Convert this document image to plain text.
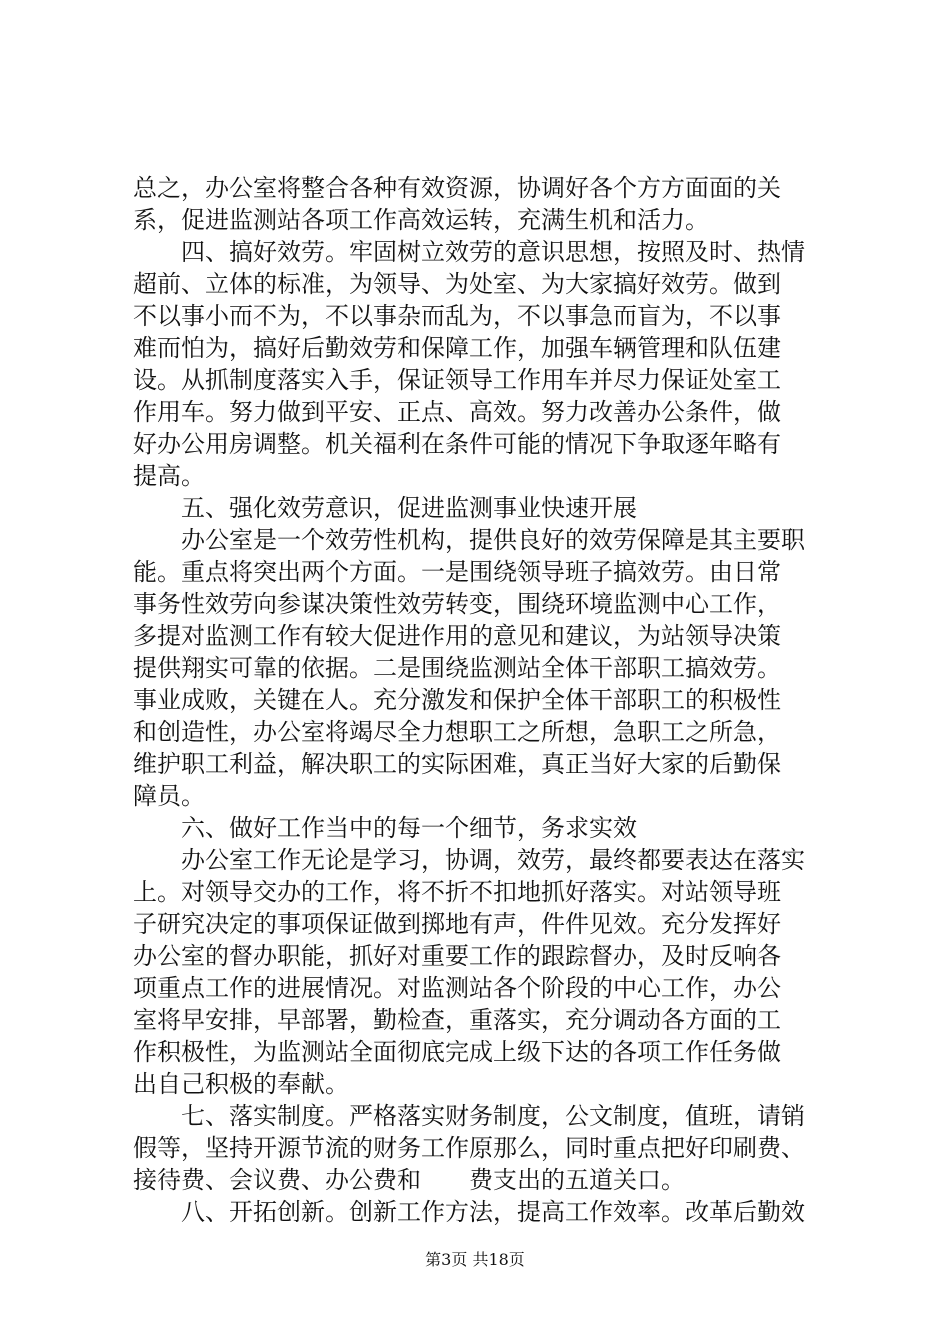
总之，办公室将整合各种有效资源，协调好各个方方面面的关
系，促进监测站各项工作高效运转，充满生机和活力。
　　四、搞好效劳。牢固树立效劳的意识思想，按照及时、热情
超前、立体的标准，为领导、为处室、为大家搞好效劳。做到
不以事小而不为，不以事杂而乱为，不以事急而盲为，不以事
难而怕为，搞好后勤效劳和保障工作，加强车辆管理和队伍建
设。从抓制度落实入手，保证领导工作用车并尽力保证处室工
作用车。努力做到平安、正点、高效。努力改善办公条件，做
好办公用房调整。机关福利在条件可能的情况下争取逐年略有
提高。
　　五、强化效劳意识，促进监测事业快速开展
　　办公室是一个效劳性机构，提供良好的效劳保障是其主要职
能。重点将突出两个方面。一是围绕领导班子搞效劳。由日常
事务性效劳向参谋决策性效劳转变，围绕环境监测中心工作，
多提对监测工作有较大促进作用的意见和建议，为站领导决策
提供翔实可靠的依据。二是围绕监测站全体干部职工搞效劳。
事业成败，关键在人。充分激发和保护全体干部职工的积极性
和创造性，办公室将竭尽全力想职工之所想，急职工之所急，
维护职工利益，解决职工的实际困难，真正当好大家的后勤保
障员。
　　六、做好工作当中的每一个细节，务求实效
　　办公室工作无论是学习，协调，效劳，最终都要表达在落实
上。对领导交办的工作，将不折不扣地抓好落实。对站领导班
子研究决定的事项保证做到掷地有声，件件见效。充分发挥好
办公室的督办职能，抓好对重要工作的跟踪督办，及时反响各
项重点工作的进展情况。对监测站各个阶段的中心工作，办公
室将早安排，早部署，勤检查，重落实，充分调动各方面的工
作积极性，为监测站全面彻底完成上级下达的各项工作任务做
出自己积极的奉献。
　　七、落实制度。严格落实财务制度，公文制度，值班，请销
假等，坚持开源节流的财务工作原那么，同时重点把好印刷费、
接待费、会议费、办公费和　　费支出的五道关口。
　　八、开拓创新。创新工作方法，提高工作效率。改革后勤效
第3页 共18页
